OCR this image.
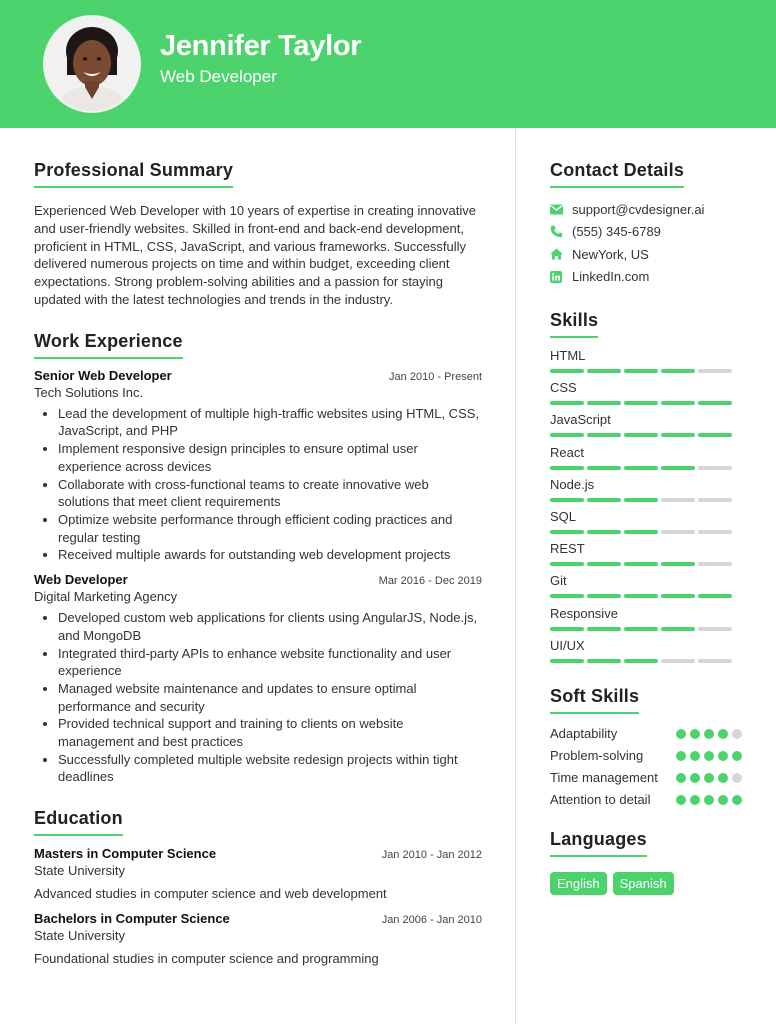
Jennifer Taylor
Web Developer
Professional Summary

Experienced Web Developer with 10 years of expertise in creating innovative and user-friendly websites. Skilled in front-end and back-end development, proficient in HTML, CSS, JavaScript, and various frameworks. Successfully delivered numerous projects on time and within budget, exceeding client expectations. Strong problem-solving abilities and a passion for staying updated with the latest technologies and trends in the industry.

Work Experience
Senior Web Developer	Jan 2010 - Present
Tech Solutions Inc.
• Lead the development of multiple high-traffic websites using HTML, CSS, JavaScript, and PHP
• Implement responsive design principles to ensure optimal user experience across devices
• Collaborate with cross-functional teams to create innovative web solutions that meet client requirements
• Optimize website performance through efficient coding practices and regular testing
• Received multiple awards for outstanding web development projects
Web Developer	Mar 2016 - Dec 2019
Digital Marketing Agency
• Developed custom web applications for clients using AngularJS, Node.js, and MongoDB
• Integrated third-party APIs to enhance website functionality and user experience
• Managed website maintenance and updates to ensure optimal performance and security
• Provided technical support and training to clients on website management and best practices
• Successfully completed multiple website redesign projects within tight deadlines
Education
Masters in Computer Science	Jan 2010 - Jan 2012
State University
Advanced studies in computer science and web development
Bachelors in Computer Science	Jan 2006 - Jan 2010
State University
Foundational studies in computer science and programming
Contact Details
support@cvdesigner.ai
(555) 345-6789
NewYork, US
LinkedIn.com
Skills
HTML
CSS
JavaScript
React
Node.js
SQL
REST
Git
Responsive
UI/UX
Soft Skills
Adaptability
Problem-solving
Time management
Attention to detail
Languages
English	Spanish
